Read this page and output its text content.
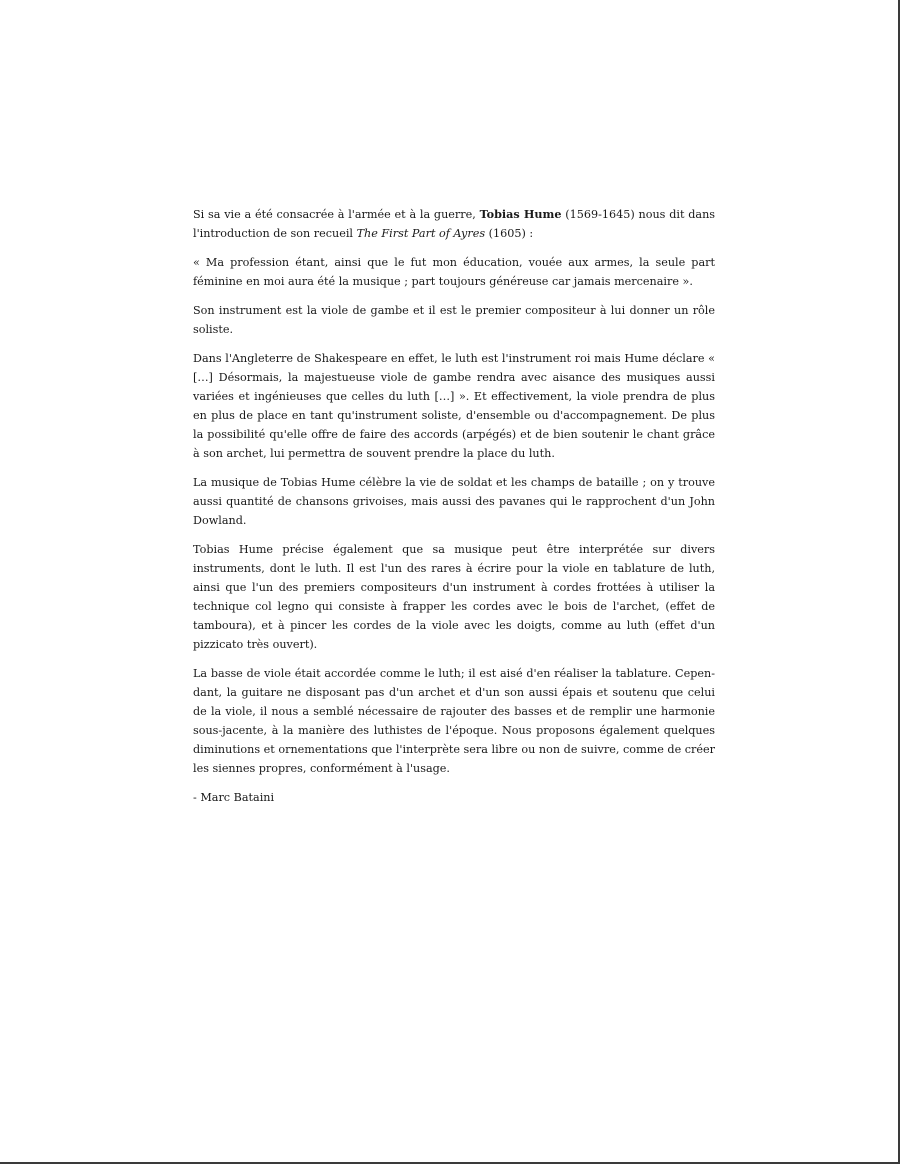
Si sa vie a été consacrée à l'armée et à la guerre, Tobias Hume (1569-1645) nous dit dans l'introduction de son recueil The First Part of Ayres (1605) :

« Ma profession étant, ainsi que le fut mon éducation, vouée aux armes, la seule part féminine en moi aura été la musique ; part toujours généreuse car jamais mercenaire ».

Son instrument est la viole de gambe et il est le premier compositeur à lui donner un rôle soliste.

Dans l'Angleterre de Shakespeare en effet, le luth est l'instrument roi mais Hume déclare « […] Désormais, la majestueuse viole de gambe rendra avec aisance des musiques aussi variées et ingénieuses que celles du luth […] ». Et effectivement, la viole prendra de plus en plus de place en tant qu'instrument soliste, d'ensemble ou d'accompagnement. De plus la possibilité qu'elle offre de faire des accords (arpégés) et de bien soutenir le chant grâce à son archet, lui permettra de souvent prendre la place du luth.

La musique de Tobias Hume célèbre la vie de soldat et les champs de bataille ; on y trouve aussi quantité de chansons grivoises, mais aussi des pavanes qui le rapprochent d'un John Dowland.

Tobias Hume précise également que sa musique peut être interprétée sur divers instruments, dont le luth. Il est l'un des rares à écrire pour la viole en tablature de luth, ainsi que l'un des premiers compositeurs d'un instrument à cordes frottées à utiliser la technique col legno qui consiste à frapper les cordes avec le bois de l'archet, (effet de tamboura), et à pincer les cordes de la viole avec les doigts, comme au luth (effet d'un pizzicato très ouvert).

La basse de viole était accordée comme le luth; il est aisé d'en réaliser la tablature. Cependant, la guitare ne disposant pas d'un archet et d'un son aussi épais et soutenu que celui de la viole, il nous a semblé nécessaire de rajouter des basses et de remplir une harmonie sous-jacente, à la manière des luthistes de l'époque. Nous proposons également quelques diminutions et ornementations que l'interprète sera libre ou non de suivre, comme de créer les siennes propres, conformément à l'usage.

- Marc Bataini
